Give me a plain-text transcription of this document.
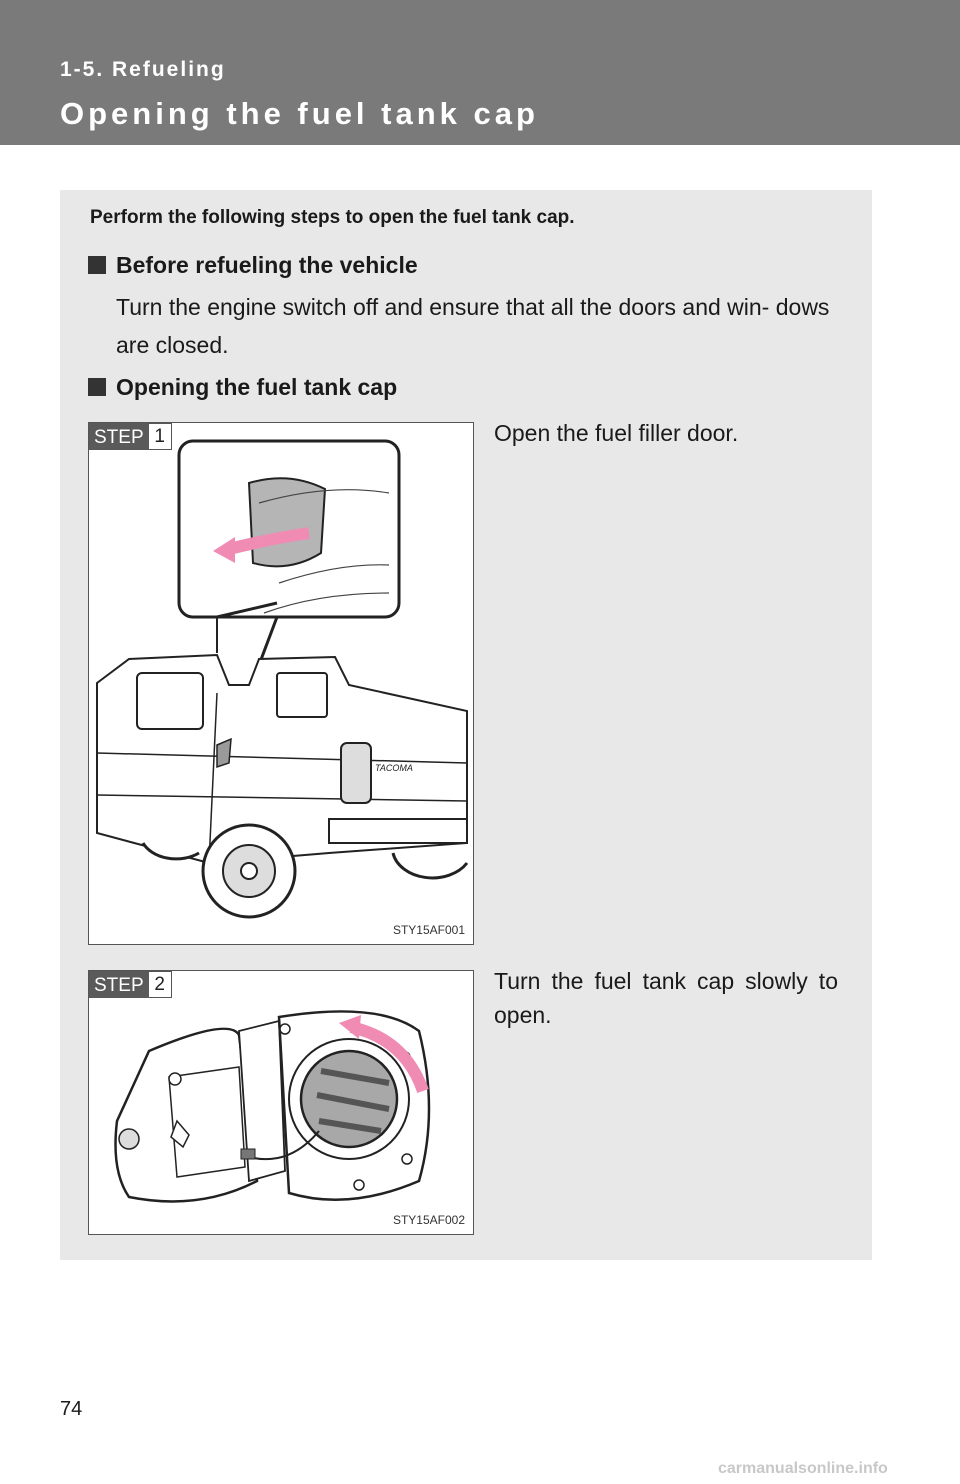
1-5. Refueling
Opening the fuel tank cap
Perform the following steps to open the fuel tank cap.
Before refueling the vehicle
Turn the engine switch off and ensure that all the doors and win- dows are closed.
Opening the fuel tank cap
TACOMA
STEP 1
STY15AF001
Open the fuel filler door.
STEP 2
STY15AF002
Turn the fuel tank cap slowly to open.
74
carmanualsonline.info
